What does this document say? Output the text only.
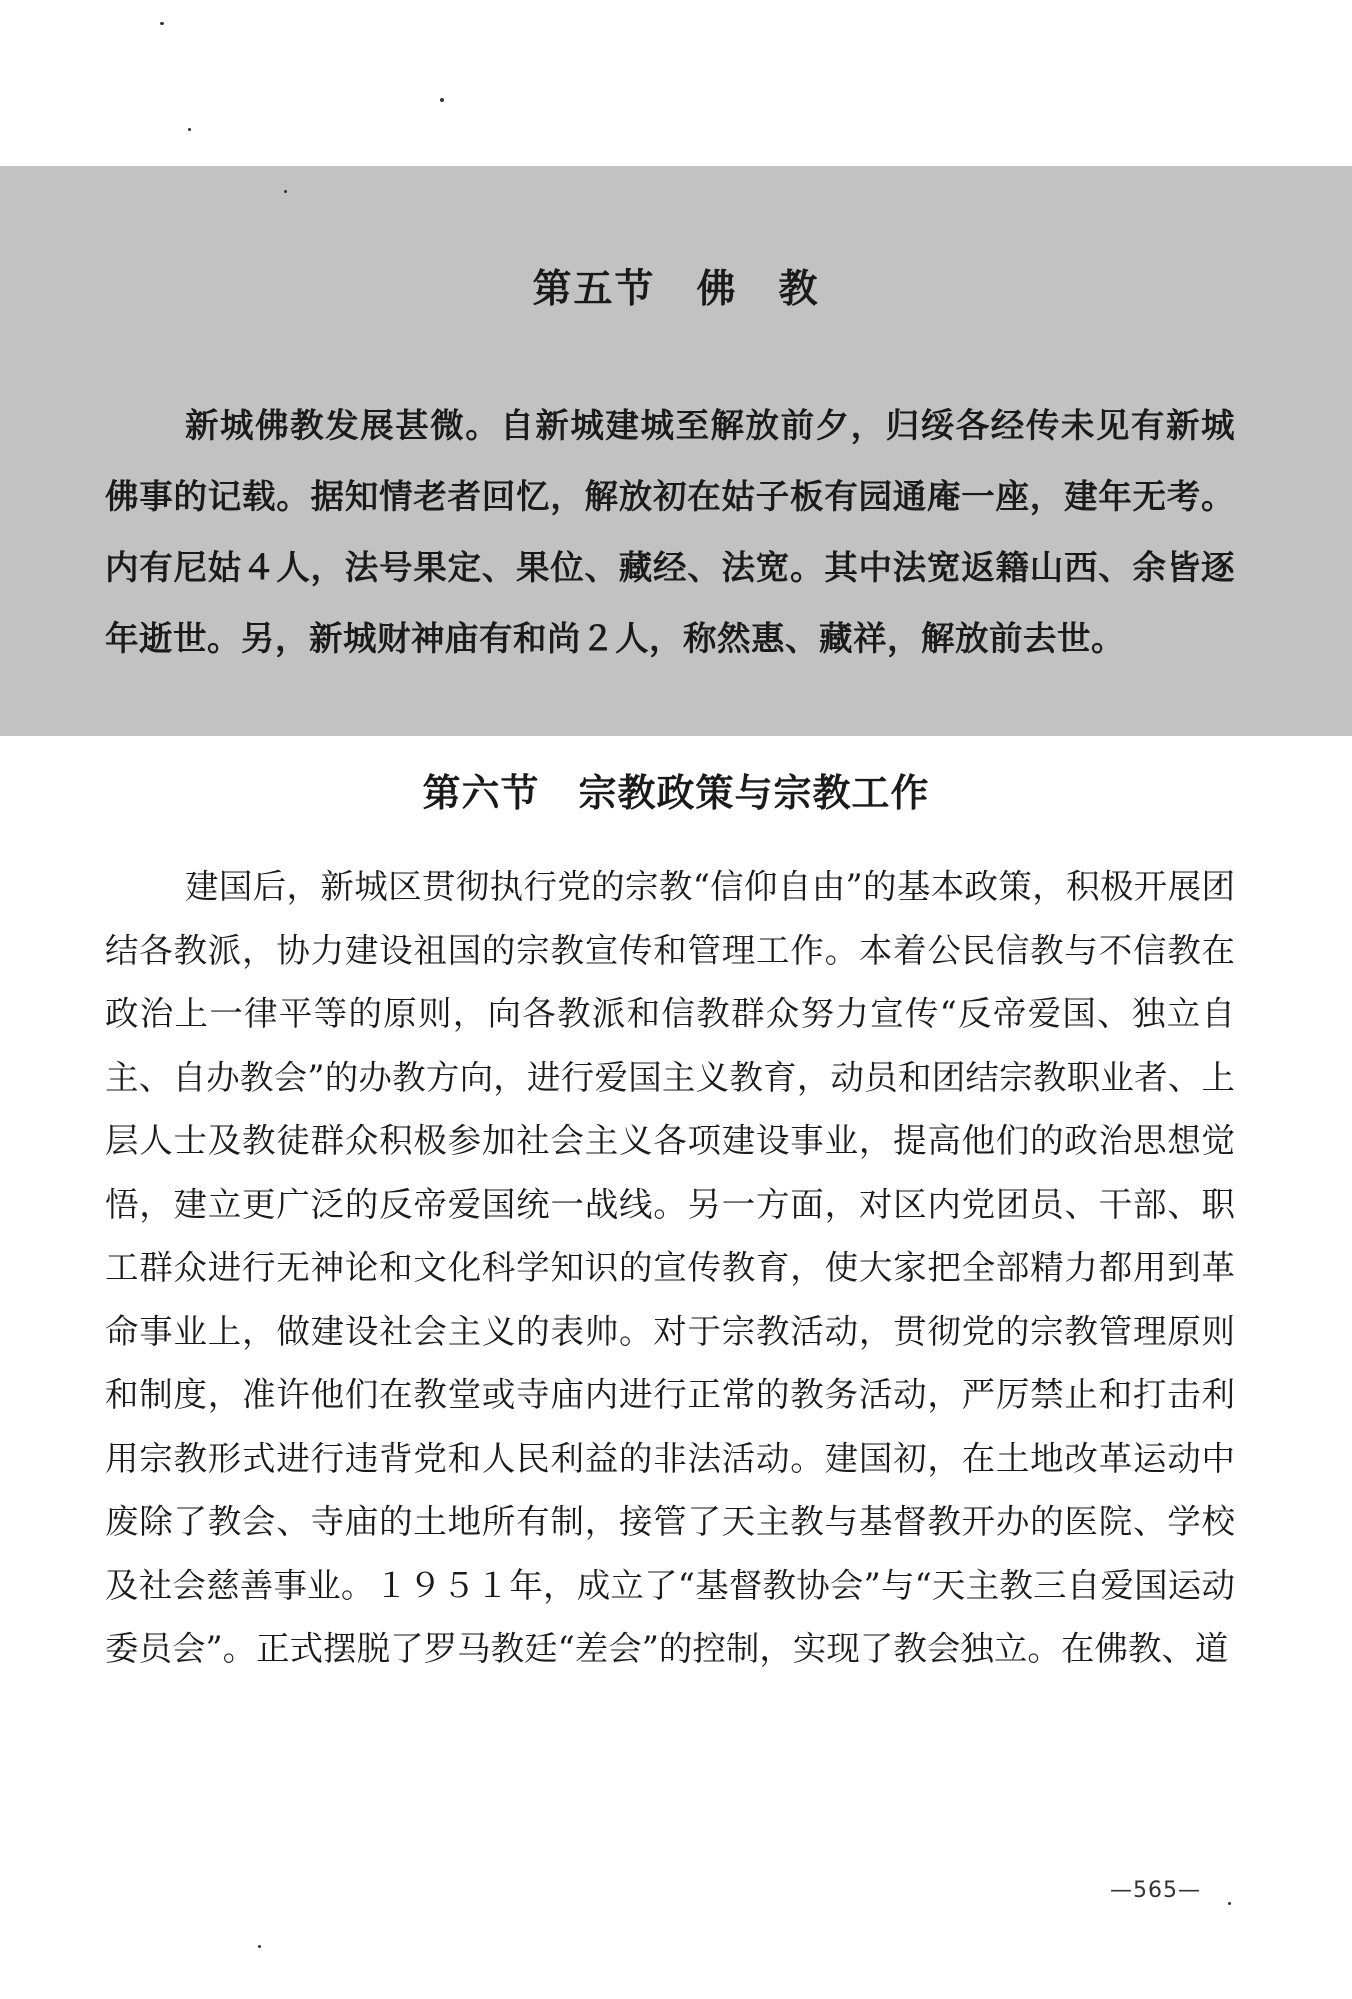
第五节　佛　教

新城佛教发展甚微。自新城建城至解放前夕，归绥各经传未见有新城佛事的记载。据知情老者回忆，解放初在姑子板有园通庵一座，建年无考。内有尼姑４人，法号果定、果位、藏经、法宽。其中法宽返籍山西、余皆逐年逝世。另，新城财神庙有和尚２人，称然惠、藏祥，解放前去世。

第六节　宗教政策与宗教工作

建国后，新城区贯彻执行党的宗教“信仰自由”的基本政策，积极开展团结各教派，协力建设祖国的宗教宣传和管理工作。本着公民信教与不信教在政治上一律平等的原则，向各教派和信教群众努力宣传“反帝爱国、独立自主、自办教会”的办教方向，进行爱国主义教育，动员和团结宗教职业者、上层人士及教徒群众积极参加社会主义各项建设事业，提高他们的政治思想觉悟，建立更广泛的反帝爱国统一战线。另一方面，对区内党团员、干部、职工群众进行无神论和文化科学知识的宣传教育，使大家把全部精力都用到革命事业上，做建设社会主义的表帅。对于宗教活动，贯彻党的宗教管理原则和制度，准许他们在教堂或寺庙内进行正常的教务活动，严厉禁止和打击利用宗教形式进行违背党和人民利益的非法活动。建国初，在土地改革运动中废除了教会、寺庙的土地所有制，接管了天主教与基督教开办的医院、学校及社会慈善事业。１９５１年，成立了“基督教协会”与“天主教三自爱国运动委员会”。正式摆脱了罗马教廷“差会”的控制，实现了教会独立。在佛教、道

—565—
